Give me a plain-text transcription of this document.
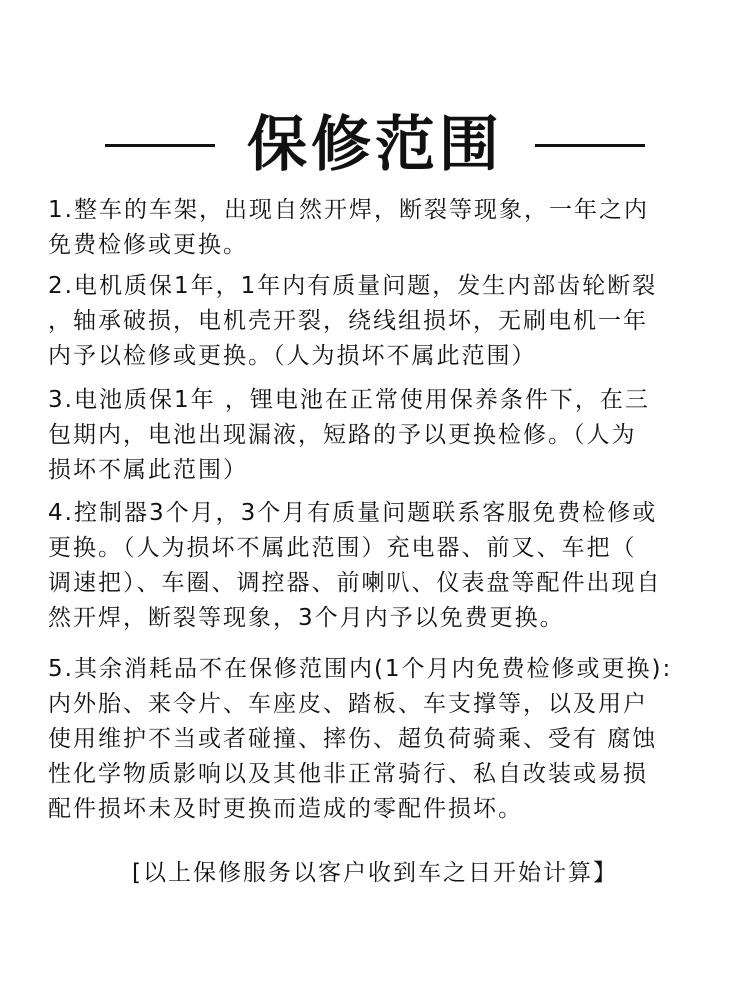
保修范围
1.整车的车架，出现自然开焊，断裂等现象，一年之内
免费检修或更换。
2.电机质保1年，1年内有质量问题，发生内部齿轮断裂
，轴承破损，电机壳开裂，绕线组损坏，无刷电机一年
内予以检修或更换。（人为损坏不属此范围）
3.电池质保1年 ，锂电池在正常使用保养条件下，在三
包期内，电池出现漏液，短路的予以更换检修。（人为
损坏不属此范围）
4.控制器3个月，3个月有质量问题联系客服免费检修或
更换。（人为损坏不属此范围）充电器、前叉、车把（
调速把）、车圈、调控器、前喇叭、仪表盘等配件出现自
然开焊，断裂等现象，3个月内予以免费更换。
5.其余消耗品不在保修范围内(1个月内免费检修或更换):
内外胎、来令片、车座皮、踏板、车支撑等，以及用户
使用维护不当或者碰撞、摔伤、超负荷骑乘、受有 腐蚀
性化学物质影响以及其他非正常骑行、私自改装或易损
配件损坏未及时更换而造成的零配件损坏。
[以上保修服务以客户收到车之日开始计算】
